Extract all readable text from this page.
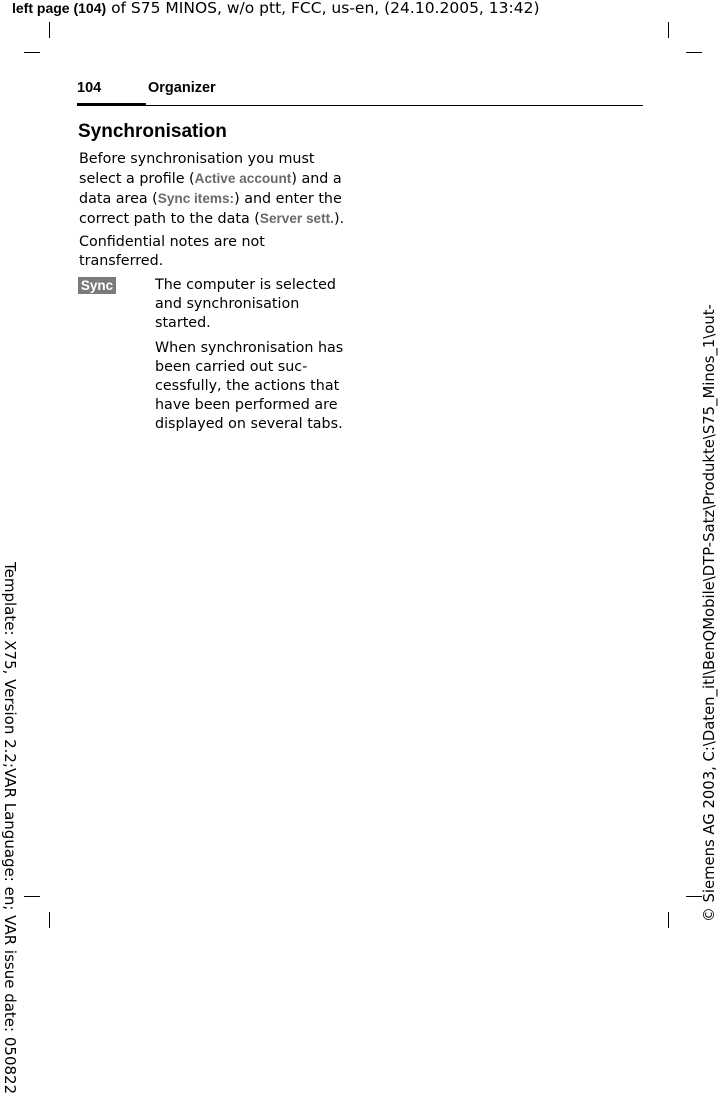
left page (104) of S75 MINOS, w/o ptt, FCC, us-en, (24.10.2005, 13:42)
Template: X75, Version 2.2;VAR Language: en; VAR issue date: 050822	© Siemens AG 2003, C:\Daten_itl\BenQMobile\DTP-Satz\Produkte\S75_Minos_1\out-
104	Organizer
Synchronisation
Before synchronisation you must select a profile (Active account) and a data area (Sync items:) and enter the correct path to the data (Server sett.).
Confidential notes are not transferred.
Sync	The computer is selected and synchronisation started.
When synchronisation has been carried out suc-cessfully, the actions that have been performed are displayed on several tabs.
